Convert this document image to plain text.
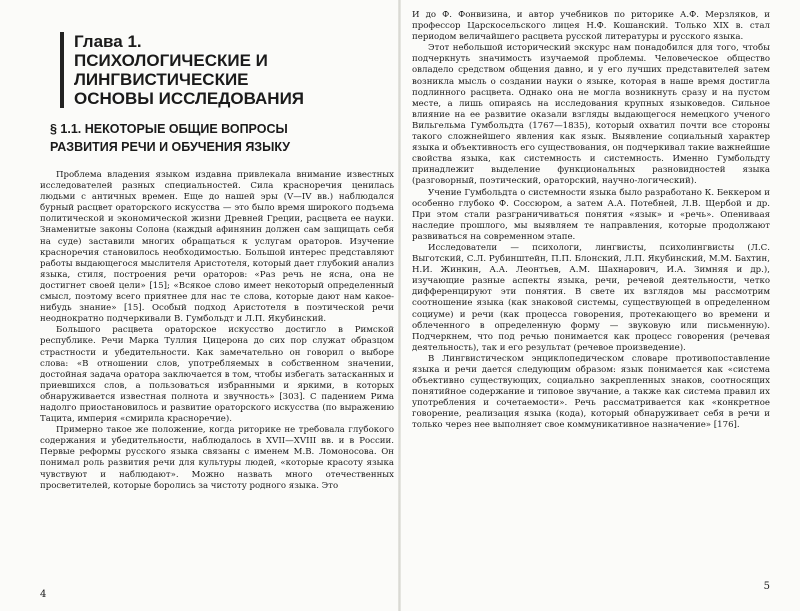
Глава 1.
ПСИХОЛОГИЧЕСКИЕ И ЛИНГВИСТИЧЕСКИЕ ОСНОВЫ ИССЛЕДОВАНИЯ
§ 1.1. НЕКОТОРЫЕ ОБЩИЕ ВОПРОСЫ РАЗВИТИЯ РЕЧИ И ОБУЧЕНИЯ ЯЗЫКУ

Проблема владения языком издавна привлекала внимание известных исследователей разных специальностей. Сила красноречия ценилась людьми с античных времен. Еще до нашей эры (V—IV вв.) наблюдался бурный расцвет ораторского искусства — это было время широкого подъема политической и экономической жизни Древней Греции, расцвета ее науки. Знаменитые законы Солона (каждый афинянин должен сам защищать себя на суде) заставили многих обращаться к услугам ораторов. Изучение красноречия становилось необходимостью. Большой интерес представляют работы выдающегося мыслителя Аристотеля, который дает глубокий анализ языка, стиля, построения речи ораторов: «Раз речь не ясна, она не достигнет своей цели» [15]; «Всякое слово имеет некоторый определенный смысл, поэтому всего приятнее для нас те слова, которые дают нам какое-нибудь знание» [15]. Особый подход Аристотеля в поэтической речи неоднократно подчеркивали В. Гумбольдт и Л.П. Якубинский.

Большого расцвета ораторское искусство достигло в Римской республике. Речи Марка Туллия Цицерона до сих пор служат образцом страстности и убедительности. Как замечательно он говорил о выборе слова: «В отношении слов, употребляемых в собственном значении, достойная задача оратора заключается в том, чтобы избегать затасканных и приевшихся слов, а пользоваться избранными и яркими, в которых обнаруживается известная полнота и звучность» [303]. С падением Рима надолго приостановилось и развитие ораторского искусства (по выражению Тацита, империя «смирила красноречие).

Примерно такое же положение, когда риторике не требовала глубокого содержания и убедительности, наблюдалось в XVII—XVIII вв. и в России. Первые реформы русского языка связаны с именем М.В. Ломоносова. Он понимал роль развития речи для культуры людей, «которые красоту языка чувствуют и наблюдают». Можно назвать много отечественных просветителей, которые боролись за чистоту родного языка. Это

4

И до Ф. Фонвизина, и автор учебников по риторике А.Ф. Мерзляков, и профессор Царскосельского лицея Н.Ф. Кошанский. Только XIX в. стал периодом величайшего расцвета русской литературы и русского языка.

Этот небольшой исторический экскурс нам понадобился для того, чтобы подчеркнуть значимость изучаемой проблемы. Человеческое общество овладело средством общения давно, и у его лучших представителей затем возникла мысль о создании науки о языке, которая в наше время достигла подлинного расцвета. Однако она не могла возникнуть сразу и на пустом месте, а лишь опираясь на исследования крупных языковедов. Сильное влияние на ее развитие оказали взгляды выдающегося немецкого ученого Вильгельма Гумбольдта (1767—1835), который охватил почти все стороны такого сложнейшего явления как язык. Выявление социальный характер языка и объективность его существования, он подчеркивал такие важнейшие свойства языка, как системность и системность. Именно Гумбольдту принадлежит выделение функциональных разновидностей языка (разговорный, поэтический, ораторский, научно-логический).

Учение Гумбольдта о системности языка было разработано К. Беккером и особенно глубоко Ф. Соссюром, а затем А.А. Потебней, Л.В. Щербой и др. При этом стали разграничиваться понятия «язык» и «речь». Опениваая наследие прошлого, мы выявляем те направления, которые продолжают развиваться на современном этапе.

Исследователи — психологи, лингвисты, психолингвисты (Л.С. Выготский, С.Л. Рубинштейн, П.П. Блонский, Л.П. Якубинский, М.М. Бахтин, Н.И. Жинкин, А.А. Леонтьев, А.М. Шахнарович, И.А. Зимняя и др.), изучающие разные аспекты языка, речи, речевой деятельности, четко дифференцируют эти понятия. В свете их взглядов мы рассмотрим соотношение языка (как знаковой системы, существующей в определенном социуме) и речи (как процесса говорения, протекающего во времени и облеченного в определенную форму — звуковую или письменную). Подчеркнем, что под речью понимается как процесс говорения (речевая деятельность), так и его результат (речевое произведение).

В Лингвистическом энциклопедическом словаре противопоставление языка и речи дается следующим образом: язык понимается как «система объективно существующих, социально закрепленных знаков, соотносящих понятийное содержание и типовое звучание, а также как система правил их употребления и сочетаемости». Речь рассматривается как «конкретное говорение, реализация языка (кода), который обнаруживает себя в речи и только через нее выполняет свое коммуникативное назначение» [176].

5
